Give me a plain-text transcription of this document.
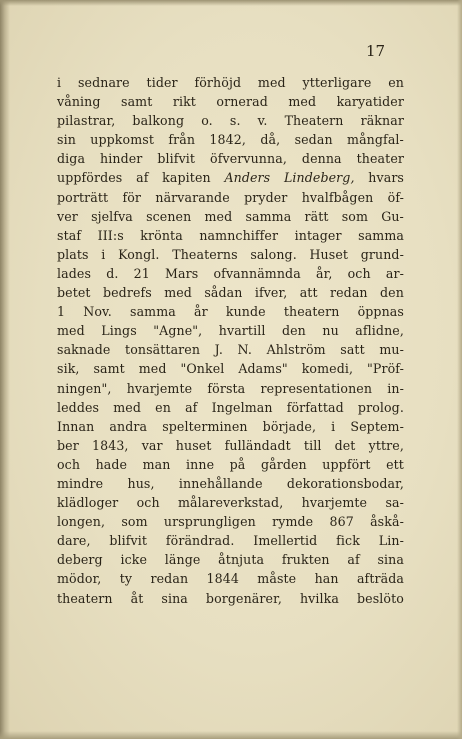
17
i sednare tider förhöjd med ytterligare en
våning samt rikt ornerad med karyatider
pilastrar, balkong o. s. v. Theatern räknar
sin uppkomst från 1842, då, sedan mångfal-
diga hinder blifvit öfvervunna, denna theater
uppfördes af kapiten Anders Lindeberg, hvars
porträtt för närvarande pryder hvalfbågen öf-
ver sjelfva scenen med samma rätt som Gu-
staf III:s krönta namnchiffer intager samma
plats i Kongl. Theaterns salong. Huset grund-
lades d. 21 Mars ofvannämnda år, och ar-
betet bedrefs med sådan ifver, att redan den
1 Nov. samma år kunde theatern öppnas
med Lings "Agne", hvartill den nu aflidne,
saknade tonsättaren J. N. Ahlström satt mu-
sik, samt med "Onkel Adams" komedi, "Pröf-
ningen", hvarjemte första representationen in-
leddes med en af Ingelman författad prolog.
Innan andra spelterminen började, i Septem-
ber 1843, var huset fulländadt till det yttre,
och hade man inne på gården uppfört ett
mindre hus, innehållande dekorationsbodar,
klädloger och målareverkstad, hvarjemte sa-
longen, som ursprungligen rymde 867 åskå-
dare, blifvit förändrad. Imellertid fick Lin-
deberg icke länge åtnjuta frukten af sina
mödor, ty redan 1844 måste han afträda
theatern åt sina borgenärer, hvilka beslöto
